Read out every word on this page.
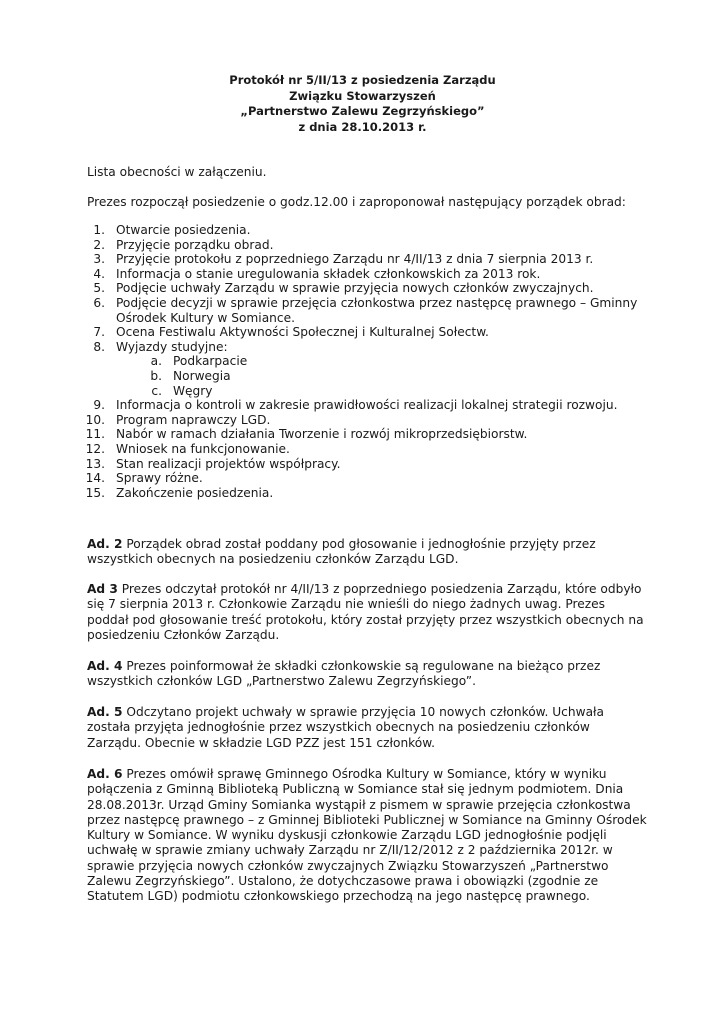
Protokół nr 5/II/13 z posiedzenia Zarządu
Związku Stowarzyszeń
„Partnerstwo Zalewu Zegrzyńskiego”
z dnia 28.10.2013 r.
Lista obecności w załączeniu.
Prezes rozpoczął posiedzenie o godz.12.00 i zaproponował następujący porządek obrad:
1. Otwarcie posiedzenia.
2. Przyjęcie porządku obrad.
3. Przyjęcie protokołu z poprzedniego Zarządu nr 4/II/13 z dnia 7 sierpnia 2013 r.
4. Informacja o stanie uregulowania składek członkowskich za 2013 rok.
5. Podjęcie uchwały Zarządu w sprawie przyjęcia nowych członków zwyczajnych.
6. Podjęcie decyzji w sprawie przejęcia członkostwa przez następcę prawnego – Gminny Ośrodek Kultury w Somiance.
7. Ocena Festiwalu Aktywności Społecznej i Kulturalnej Sołectw.
8. Wyjazdy studyjne:
a. Podkarpacie
b. Norwegia
c. Węgry
9. Informacja o kontroli w zakresie prawidłowości realizacji lokalnej strategii rozwoju.
10. Program naprawczy LGD.
11. Nabór w ramach działania Tworzenie i rozwój mikroprzedsiębiorstw.
12. Wniosek na funkcjonowanie.
13. Stan realizacji projektów współpracy.
14. Sprawy różne.
15. Zakończenie posiedzenia.
Ad. 2 Porządek obrad został poddany pod głosowanie i jednogłośnie przyjęty przez wszystkich obecnych na posiedzeniu członków Zarządu LGD.
Ad 3 Prezes odczytał protokół nr 4/II/13 z poprzedniego posiedzenia Zarządu, które odbyło się 7 sierpnia 2013 r. Członkowie Zarządu nie wnieśli do niego żadnych uwag. Prezes poddał pod głosowanie treść protokołu, który został przyjęty przez wszystkich obecnych na posiedzeniu Członków Zarządu.
Ad. 4 Prezes poinformował że składki członkowskie są regulowane na bieżąco przez wszystkich członków LGD „Partnerstwo Zalewu Zegrzyńskiego”.
Ad. 5 Odczytano projekt uchwały w sprawie przyjęcia 10 nowych członków. Uchwała została przyjęta jednogłośnie przez wszystkich obecnych na posiedzeniu członków Zarządu. Obecnie w składzie LGD PZZ jest 151 członków.
Ad. 6 Prezes omówił sprawę Gminnego Ośrodka Kultury w Somiance, który w wyniku połączenia z Gminną Biblioteką Publiczną w Somiance stał się jednym podmiotem. Dnia 28.08.2013r. Urząd Gminy Somianka wystąpił z pismem w sprawie przejęcia członkostwa przez następcę prawnego – z Gminnej Biblioteki Publicznej w Somiance na Gminny Ośrodek Kultury w Somiance. W wyniku dyskusji członkowie Zarządu LGD jednogłośnie podjęli uchwałę w sprawie zmiany uchwały Zarządu nr Z/II/12/2012 z 2 października 2012r. w sprawie przyjęcia nowych członków zwyczajnych Związku Stowarzyszeń „Partnerstwo Zalewu Zegrzyńskiego”. Ustalono, że dotychczasowe prawa i obowiązki (zgodnie ze Statutem LGD) podmiotu członkowskiego przechodzą na jego następcę prawnego.
